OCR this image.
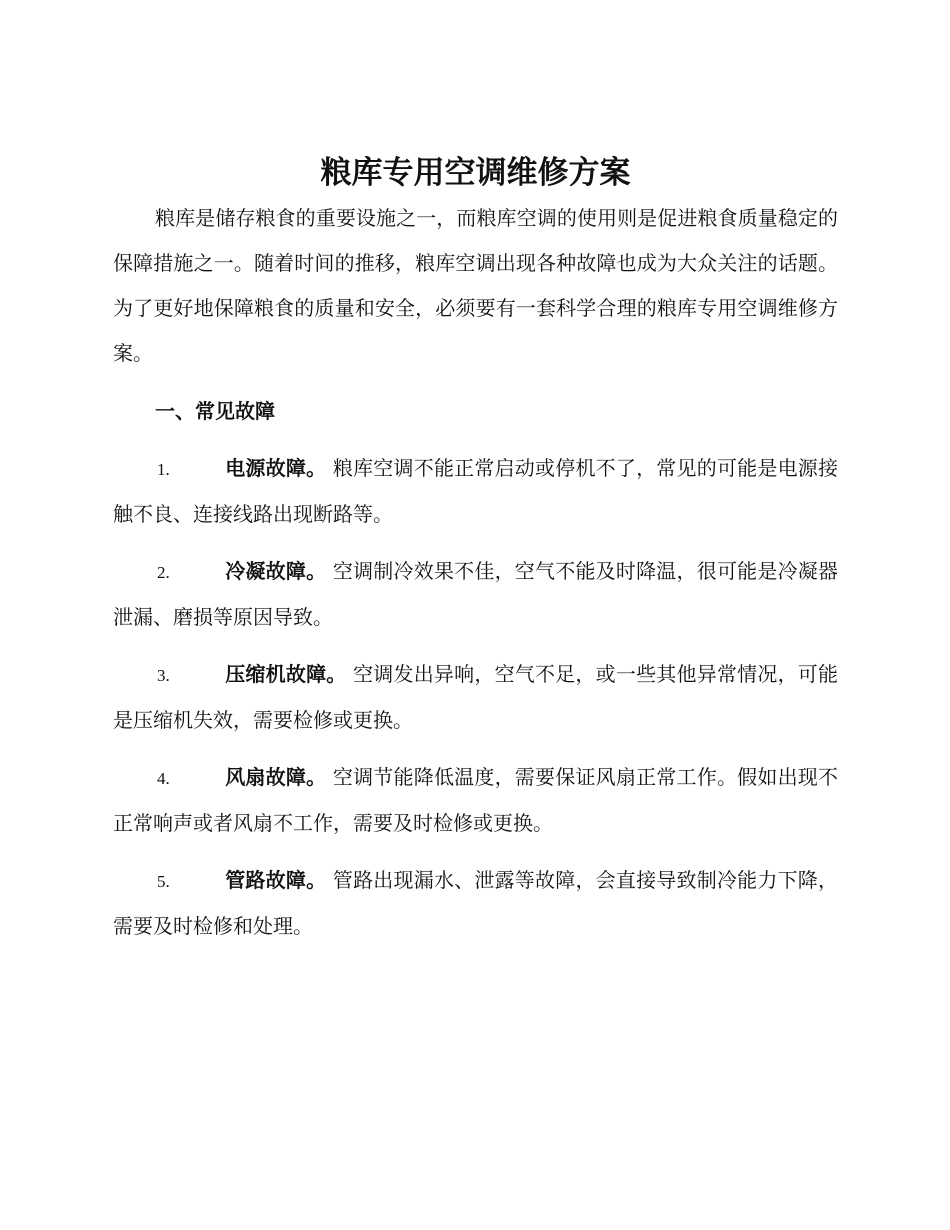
粮库专用空调维修方案

粮库是储存粮食的重要设施之一，而粮库空调的使用则是促进粮食质量稳定的保障措施之一。随着时间的推移，粮库空调出现各种故障也成为大众关注的话题。为了更好地保障粮食的质量和安全，必须要有一套科学合理的粮库专用空调维修方案。

一、常见故障
1.	电源故障。 粮库空调不能正常启动或停机不了，常见的可能是电源接触不良、连接线路出现断路等。
2.	冷凝故障。 空调制冷效果不佳，空气不能及时降温，很可能是冷凝器泄漏、磨损等原因导致。
3.	压缩机故障。 空调发出异响，空气不足，或一些其他异常情况，可能是压缩机失效，需要检修或更换。
4.	风扇故障。 空调节能降低温度，需要保证风扇正常工作。假如出现不正常响声或者风扇不工作，需要及时检修或更换。
5.	管路故障。 管路出现漏水、泄露等故障，会直接导致制冷能力下降，需要及时检修和处理。
